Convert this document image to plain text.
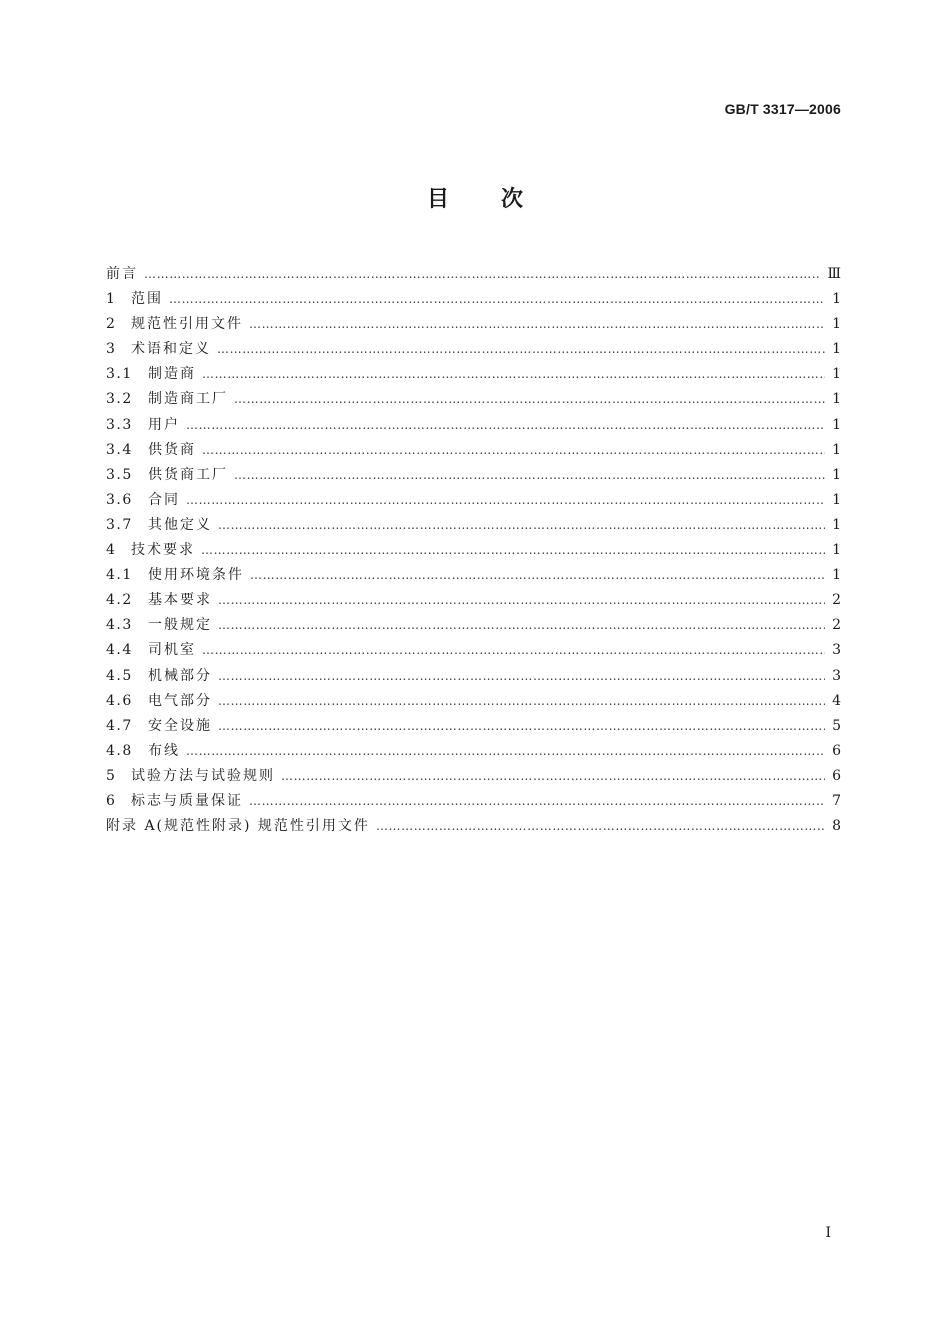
GB/T 3317—2006
目 次
前言 …………………………………………………………………………………………………………………………………………………………………………………………………………………………	Ⅲ
1	范围 …………………………………………………………………………………………………………………………………………………………………………………………………………………………	1
2	规范性引用文件 …………………………………………………………………………………………………………………………………………………………………………………………………………………………	1
3	术语和定义 …………………………………………………………………………………………………………………………………………………………………………………………………………………………	1
3.1	制造商 …………………………………………………………………………………………………………………………………………………………………………………………………………………………	1
3.2	制造商工厂 …………………………………………………………………………………………………………………………………………………………………………………………………………………………	1
3.3	用户 …………………………………………………………………………………………………………………………………………………………………………………………………………………………	1
3.4	供货商 …………………………………………………………………………………………………………………………………………………………………………………………………………………………	1
3.5	供货商工厂 …………………………………………………………………………………………………………………………………………………………………………………………………………………………	1
3.6	合同 …………………………………………………………………………………………………………………………………………………………………………………………………………………………	1
3.7	其他定义 …………………………………………………………………………………………………………………………………………………………………………………………………………………………	1
4	技术要求 …………………………………………………………………………………………………………………………………………………………………………………………………………………………	1
4.1	使用环境条件 …………………………………………………………………………………………………………………………………………………………………………………………………………………………	1
4.2	基本要求 …………………………………………………………………………………………………………………………………………………………………………………………………………………………	2
4.3	一般规定 …………………………………………………………………………………………………………………………………………………………………………………………………………………………	2
4.4	司机室 …………………………………………………………………………………………………………………………………………………………………………………………………………………………	3
4.5	机械部分 …………………………………………………………………………………………………………………………………………………………………………………………………………………………	3
4.6	电气部分 …………………………………………………………………………………………………………………………………………………………………………………………………………………………	4
4.7	安全设施 …………………………………………………………………………………………………………………………………………………………………………………………………………………………	5
4.8	布线 …………………………………………………………………………………………………………………………………………………………………………………………………………………………	6
5	试验方法与试验规则 …………………………………………………………………………………………………………………………………………………………………………………………………………………………	6
6	标志与质量保证 …………………………………………………………………………………………………………………………………………………………………………………………………………………………	7
附录 A(规范性附录) 规范性引用文件 …………………………………………………………………………………………………………………………………………………………………………………………………………………………	8
I
